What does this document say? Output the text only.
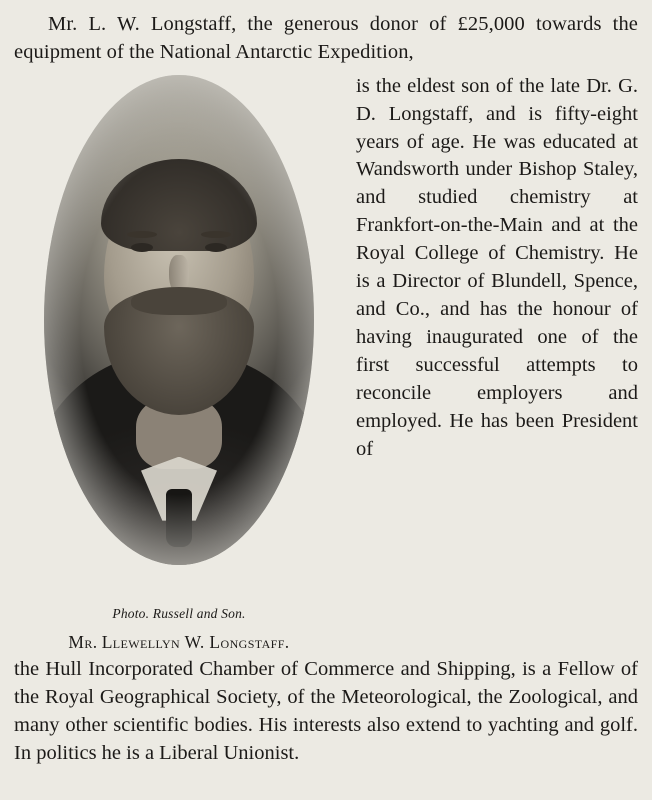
Mr. L. W. Longstaff, the generous donor of £25,000 towards the equipment of the National Antarctic Expedition,

Photo. Russell and Son.
Mr. Llewellyn W. Longstaff.

is the eldest son of the late Dr. G. D. Longstaff, and is fifty-eight years of age. He was educated at Wandsworth under Bishop Staley, and studied chemistry at Frankfort-on-the-Main and at the Royal College of Chemistry. He is a Director of Blundell, Spence, and Co., and has the honour of having inaugurated one of the first successful attempts to reconcile employers and employed. He has been President of

the Hull Incorporated Chamber of Commerce and Shipping, is a Fellow of the Royal Geographical Society, of the Meteorological, the Zoological, and many other scientific bodies. His interests also extend to yachting and golf. In politics he is a Liberal Unionist.
